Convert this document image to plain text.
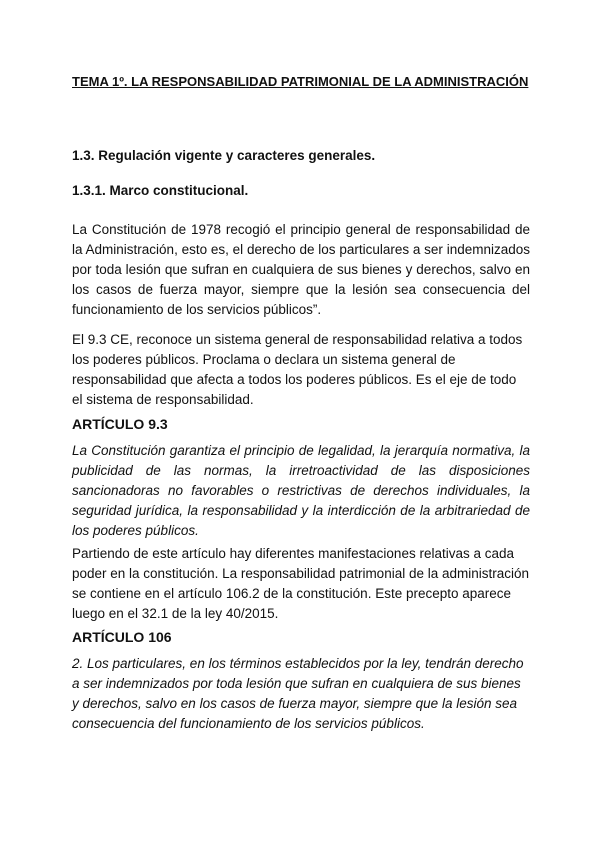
TEMA 1º. LA RESPONSABILIDAD PATRIMONIAL DE LA ADMINISTRACIÓN
1.3. Regulación vigente y caracteres generales.
1.3.1. Marco constitucional.

La Constitución de 1978 recogió el principio general de responsabilidad de la Administración, esto es, el derecho de los particulares a ser indemnizados por toda lesión que sufran en cualquiera de sus bienes y derechos, salvo en los casos de fuerza mayor, siempre que la lesión sea consecuencia del funcionamiento de los servicios públicos”.

El 9.3 CE, reconoce un sistema general de responsabilidad relativa a todos los poderes públicos. Proclama o declara un sistema general de responsabilidad que afecta a todos los poderes públicos. Es el eje de todo el sistema de responsabilidad.

ARTÍCULO 9.3

La Constitución garantiza el principio de legalidad, la jerarquía normativa, la publicidad de las normas, la irretroactividad de las disposiciones sancionadoras no favorables o restrictivas de derechos individuales, la seguridad jurídica, la responsabilidad y la interdicción de la arbitrariedad de los poderes públicos.

Partiendo de este artículo hay diferentes manifestaciones relativas a cada poder en la constitución. La responsabilidad patrimonial de la administración se contiene en el artículo 106.2 de la constitución. Este precepto aparece luego en el 32.1 de la ley 40/2015.

ARTÍCULO 106

2. Los particulares, en los términos establecidos por la ley, tendrán derecho a ser indemnizados por toda lesión que sufran en cualquiera de sus bienes y derechos, salvo en los casos de fuerza mayor, siempre que la lesión sea consecuencia del funcionamiento de los servicios públicos.
